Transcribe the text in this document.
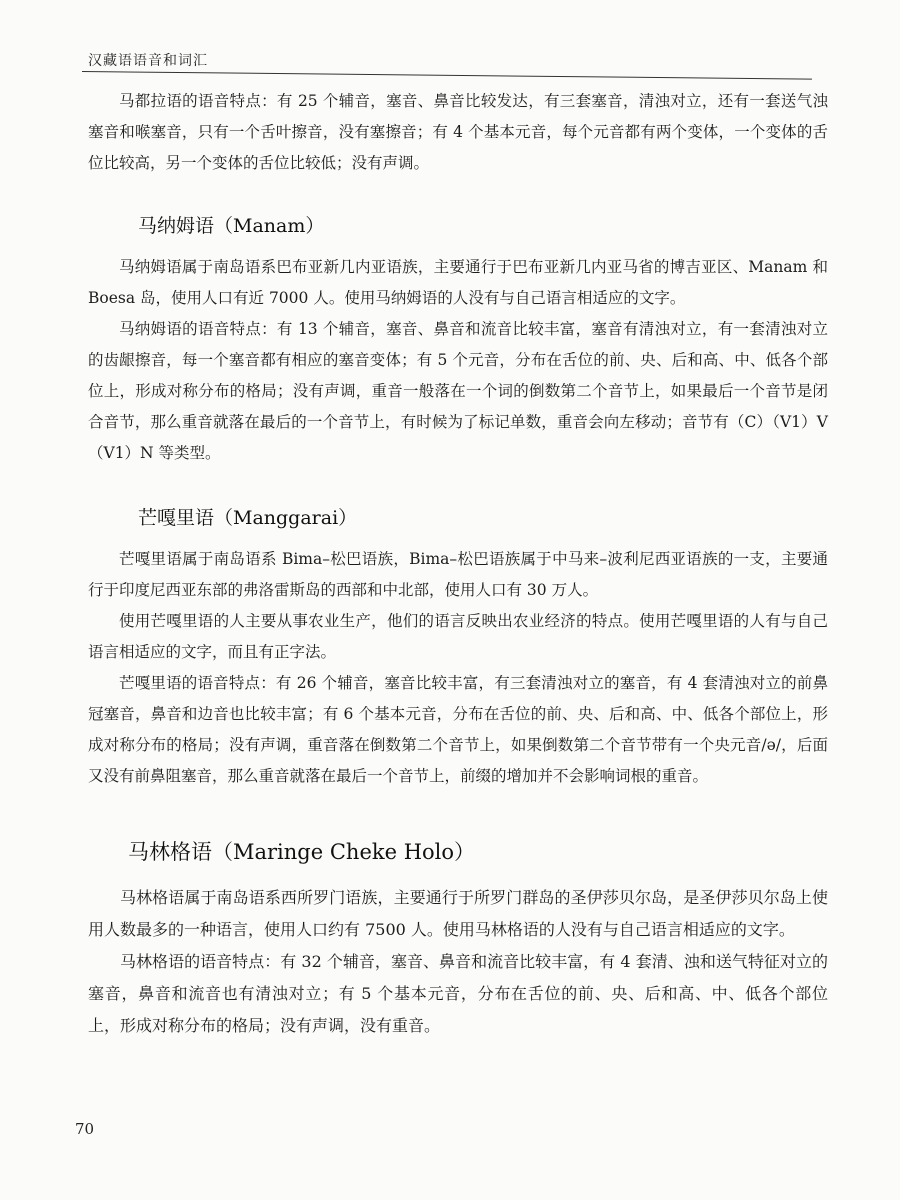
汉藏语语音和词汇

马都拉语的语音特点：有 25 个辅音，塞音、鼻音比较发达，有三套塞音，清浊对立，还有一套送气浊塞音和喉塞音，只有一个舌叶擦音，没有塞擦音；有 4 个基本元音，每个元音都有两个变体，一个变体的舌位比较高，另一个变体的舌位比较低；没有声调。

马纳姆语（Manam）

马纳姆语属于南岛语系巴布亚新几内亚语族，主要通行于巴布亚新几内亚马省的博吉亚区、Manam 和 Boesa 岛，使用人口有近 7000 人。使用马纳姆语的人没有与自己语言相适应的文字。

马纳姆语的语音特点：有 13 个辅音，塞音、鼻音和流音比较丰富，塞音有清浊对立，有一套清浊对立的齿龈擦音，每一个塞音都有相应的塞音变体；有 5 个元音，分布在舌位的前、央、后和高、中、低各个部位上，形成对称分布的格局；没有声调，重音一般落在一个词的倒数第二个音节上，如果最后一个音节是闭合音节，那么重音就落在最后的一个音节上，有时候为了标记单数，重音会向左移动；音节有（C）（V1）V（V1）N 等类型。

芒嘎里语（Manggarai）

芒嘎里语属于南岛语系 Bima–松巴语族，Bima–松巴语族属于中马来–波利尼西亚语族的一支，主要通行于印度尼西亚东部的弗洛雷斯岛的西部和中北部，使用人口有 30 万人。

使用芒嘎里语的人主要从事农业生产，他们的语言反映出农业经济的特点。使用芒嘎里语的人有与自己语言相适应的文字，而且有正字法。

芒嘎里语的语音特点：有 26 个辅音，塞音比较丰富，有三套清浊对立的塞音，有 4 套清浊对立的前鼻冠塞音，鼻音和边音也比较丰富；有 6 个基本元音，分布在舌位的前、央、后和高、中、低各个部位上，形成对称分布的格局；没有声调，重音落在倒数第二个音节上，如果倒数第二个音节带有一个央元音/ə/，后面又没有前鼻阻塞音，那么重音就落在最后一个音节上，前缀的增加并不会影响词根的重音。

马林格语（Maringe Cheke Holo）

马林格语属于南岛语系西所罗门语族，主要通行于所罗门群岛的圣伊莎贝尔岛，是圣伊莎贝尔岛上使用人数最多的一种语言，使用人口约有 7500 人。使用马林格语的人没有与自己语言相适应的文字。

马林格语的语音特点：有 32 个辅音，塞音、鼻音和流音比较丰富，有 4 套清、浊和送气特征对立的塞音，鼻音和流音也有清浊对立；有 5 个基本元音，分布在舌位的前、央、后和高、中、低各个部位上，形成对称分布的格局；没有声调，没有重音。

70
